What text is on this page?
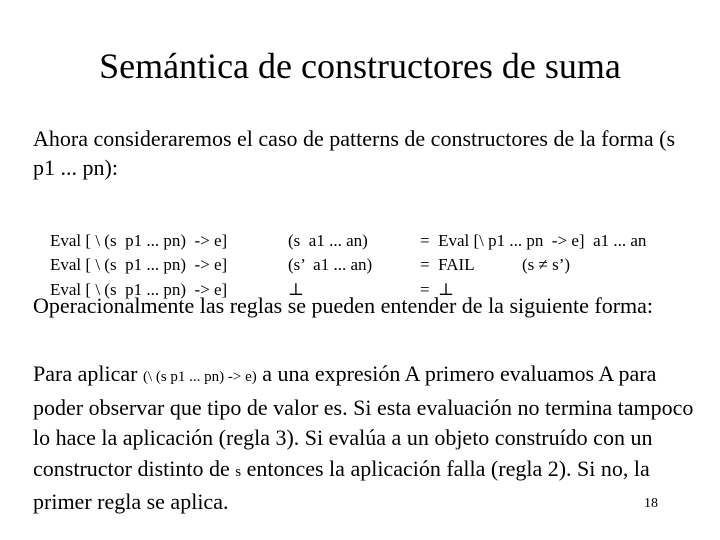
Semántica de constructores de suma
Ahora consideraremos el caso de patterns de constructores de la forma (s p1 ... pn):

Eval [ \ (s  p1 ... pn)  -> e]	(s  a1 ... an)	=  Eval [\ p1 ... pn  -> e]  a1 ... an

Eval [ \ (s  p1 ... pn)  -> e]	(s’  a1 ... an)	=  FAIL	(s ≠ s’)

Eval [ \ (s  p1 ... pn)  -> e]	⊥	=  ⊥

Operacionalmente las reglas se pueden entender de la siguiente forma:
Para aplicar (\ (s p1 ... pn) -> e) a una expresión A primero evaluamos A para poder observar que tipo de valor es. Si esta evaluación no termina tampoco lo hace la aplicación (regla 3). Si evalúa a un objeto construído con un constructor distinto de s entonces la aplicación falla (regla 2). Si no, la primer regla se aplica.	18
